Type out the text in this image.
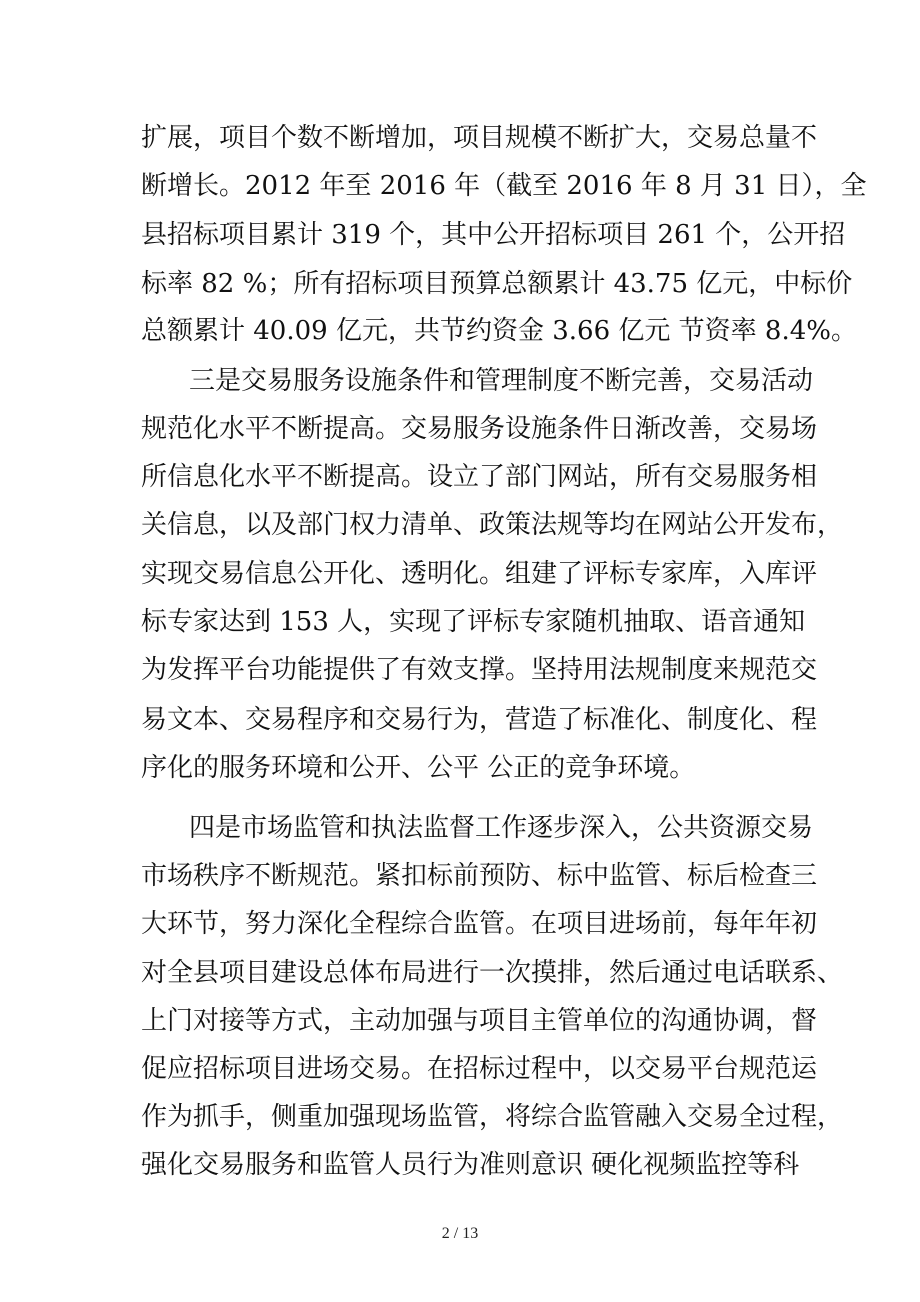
扩展，项目个数不断增加，项目规模不断扩大，交易总量不
断增长。2012 年至 2016 年（截至 2016 年 8 月 31 日），全
县招标项目累计 319 个，其中公开招标项目 261 个，公开招
标率 82 %；所有招标项目预算总额累计 43.75 亿元，中标价
总额累计 40.09 亿元，共节约资金 3.66 亿元 节资率 8.4%。
三是交易服务设施条件和管理制度不断完善，交易活动
规范化水平不断提高。交易服务设施条件日渐改善，交易场
所信息化水平不断提高。设立了部门网站，所有交易服务相
关信息，以及部门权力清单、政策法规等均在网站公开发布，
实现交易信息公开化、透明化。组建了评标专家库，入库评
标专家达到 153 人，实现了评标专家随机抽取、语音通知
为发挥平台功能提供了有效支撑。坚持用法规制度来规范交
易文本、交易程序和交易行为，营造了标准化、制度化、程
序化的服务环境和公开、公平 公正的竞争环境。
四是市场监管和执法监督工作逐步深入，公共资源交易
市场秩序不断规范。紧扣标前预防、标中监管、标后检查三
大环节，努力深化全程综合监管。在项目进场前，每年年初
对全县项目建设总体布局进行一次摸排，然后通过电话联系、
上门对接等方式，主动加强与项目主管单位的沟通协调，督
促应招标项目进场交易。在招标过程中，以交易平台规范运
作为抓手，侧重加强现场监管，将综合监管融入交易全过程，
强化交易服务和监管人员行为准则意识 硬化视频监控等科
2 / 13
